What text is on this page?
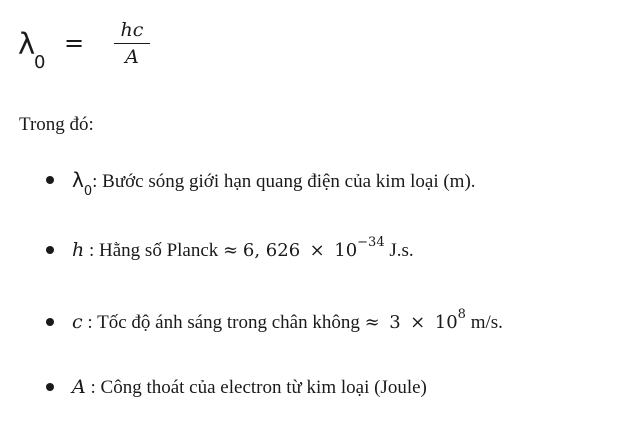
λ
0
=	hc
A
Trong đó:
$\lambda_0$: Bước sóng giới hạn quang điện của kim loại (m).
h : Hằng số Planck ≈ 6, $626 \times 10^{-34}$ J.s.
c : Tốc độ ánh sáng trong chân không ≈ $3 \times 10^8$ m/s.
A : Công thoát của electron từ kim loại (Joule)
